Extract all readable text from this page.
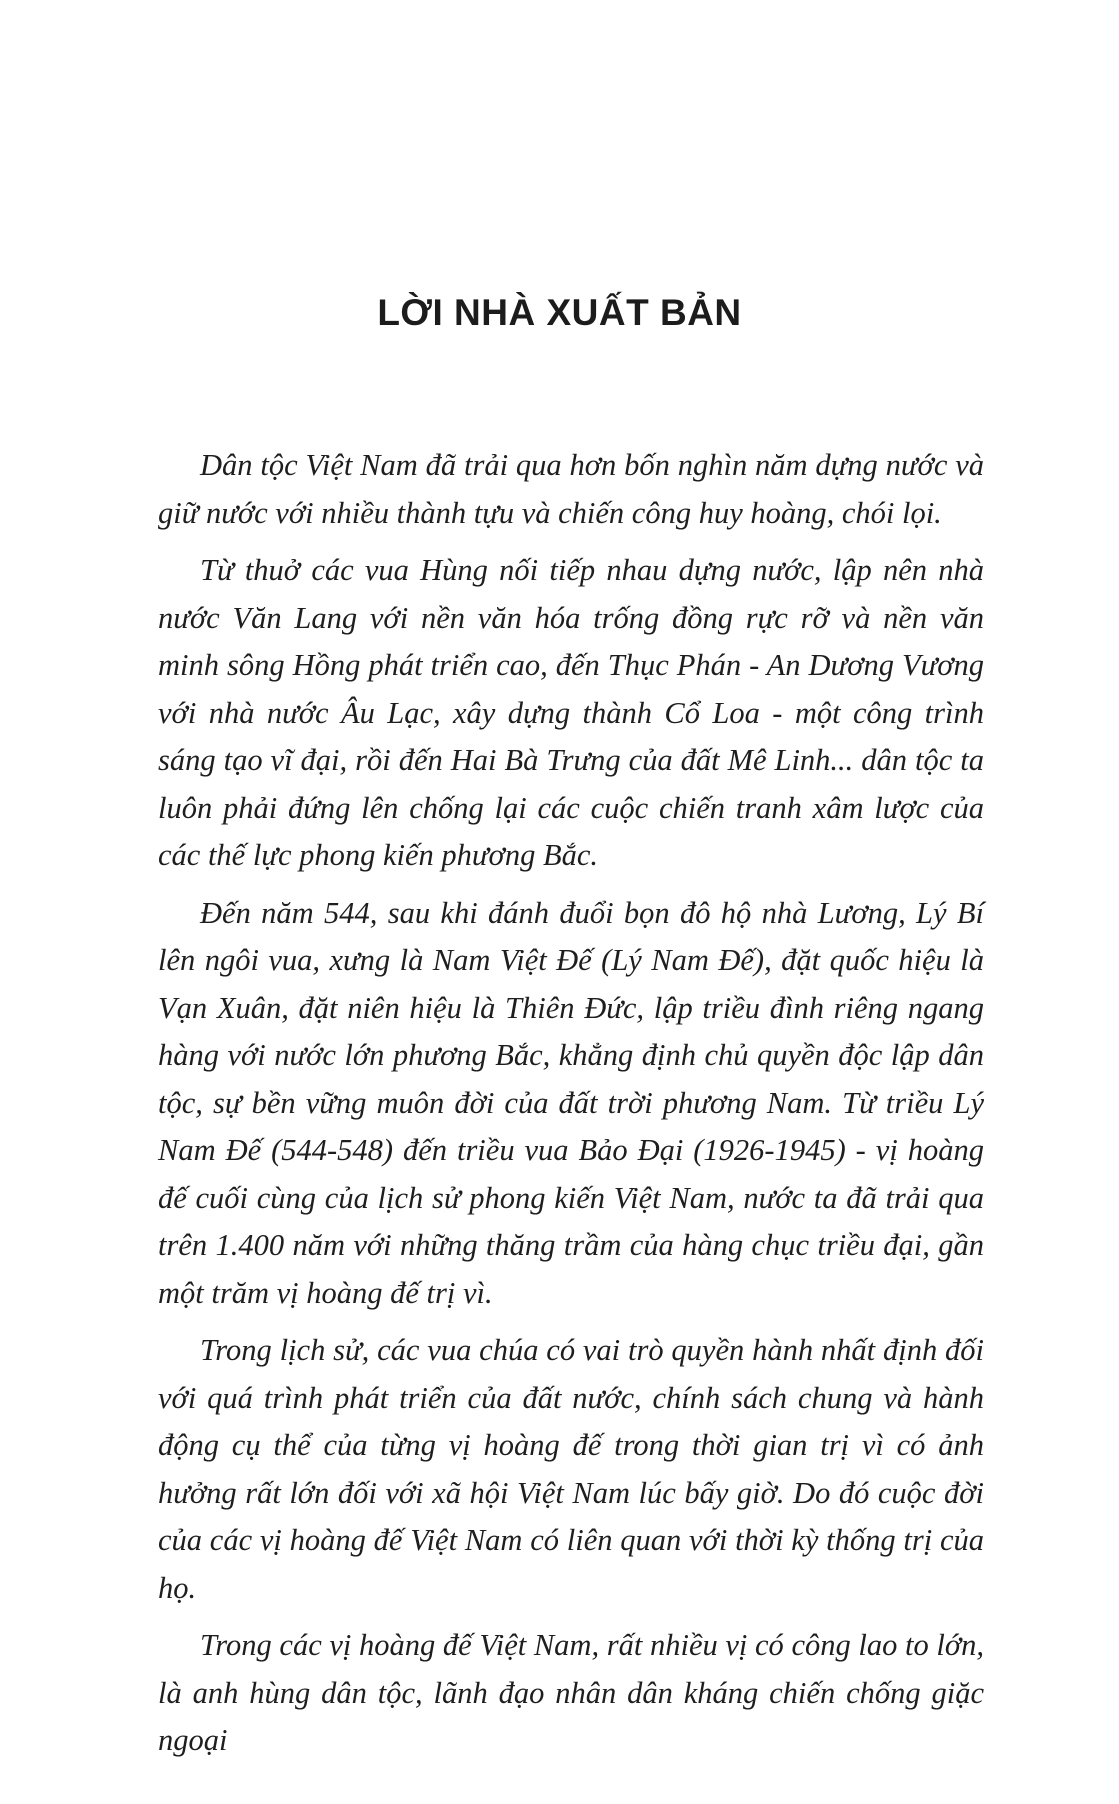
LỜI NHÀ XUẤT BẢN

Dân tộc Việt Nam đã trải qua hơn bốn nghìn năm dựng nước và giữ nước với nhiều thành tựu và chiến công huy hoàng, chói lọi.

Từ thuở các vua Hùng nối tiếp nhau dựng nước, lập nên nhà nước Văn Lang với nền văn hóa trống đồng rực rỡ và nền văn minh sông Hồng phát triển cao, đến Thục Phán - An Dương Vương với nhà nước Âu Lạc, xây dựng thành Cổ Loa - một công trình sáng tạo vĩ đại, rồi đến Hai Bà Trưng của đất Mê Linh... dân tộc ta luôn phải đứng lên chống lại các cuộc chiến tranh xâm lược của các thế lực phong kiến phương Bắc.

Đến năm 544, sau khi đánh đuổi bọn đô hộ nhà Lương, Lý Bí lên ngôi vua, xưng là Nam Việt Đế (Lý Nam Đế), đặt quốc hiệu là Vạn Xuân, đặt niên hiệu là Thiên Đức, lập triều đình riêng ngang hàng với nước lớn phương Bắc, khẳng định chủ quyền độc lập dân tộc, sự bền vững muôn đời của đất trời phương Nam. Từ triều Lý Nam Đế (544-548) đến triều vua Bảo Đại (1926-1945) - vị hoàng đế cuối cùng của lịch sử phong kiến Việt Nam, nước ta đã trải qua trên 1.400 năm với những thăng trầm của hàng chục triều đại, gần một trăm vị hoàng đế trị vì.

Trong lịch sử, các vua chúa có vai trò quyền hành nhất định đối với quá trình phát triển của đất nước, chính sách chung và hành động cụ thể của từng vị hoàng đế trong thời gian trị vì có ảnh hưởng rất lớn đối với xã hội Việt Nam lúc bấy giờ. Do đó cuộc đời của các vị hoàng đế Việt Nam có liên quan với thời kỳ thống trị của họ.

Trong các vị hoàng đế Việt Nam, rất nhiều vị có công lao to lớn, là anh hùng dân tộc, lãnh đạo nhân dân kháng chiến chống giặc ngoại
